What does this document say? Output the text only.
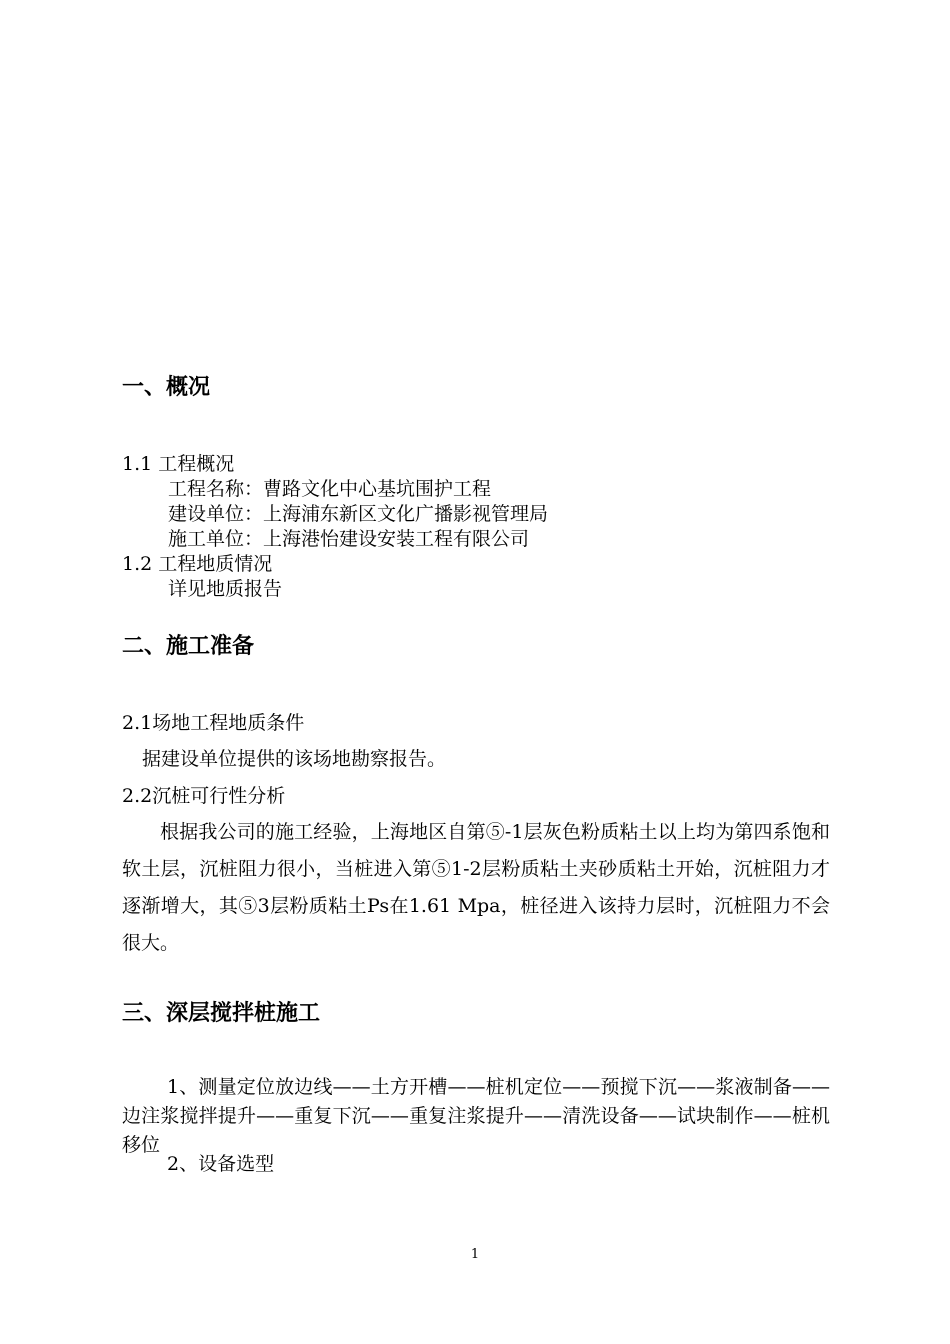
一、概况
1.1 工程概况
工程名称：曹路文化中心基坑围护工程
建设单位：上海浦东新区文化广播影视管理局
施工单位：上海港怡建设安装工程有限公司
1.2 工程地质情况
详见地质报告
二、施工准备
2.1场地工程地质条件
据建设单位提供的该场地勘察报告。
2.2沉桩可行性分析
根据我公司的施工经验，上海地区自第⑤-1层灰色粉质粘土以上均为第四系饱和软土层，沉桩阻力很小，当桩进入第⑤1-2层粉质粘土夹砂质粘土开始，沉桩阻力才逐渐增大，其⑤3层粉质粘土Ps在1.61 Mpa，桩径进入该持力层时，沉桩阻力不会很大。
三、深层搅拌桩施工
1、测量定位放边线——土方开槽——桩机定位——预搅下沉——浆液制备——边注浆搅拌提升——重复下沉——重复注浆提升——清洗设备——试块制作——桩机移位
2、设备选型
1
